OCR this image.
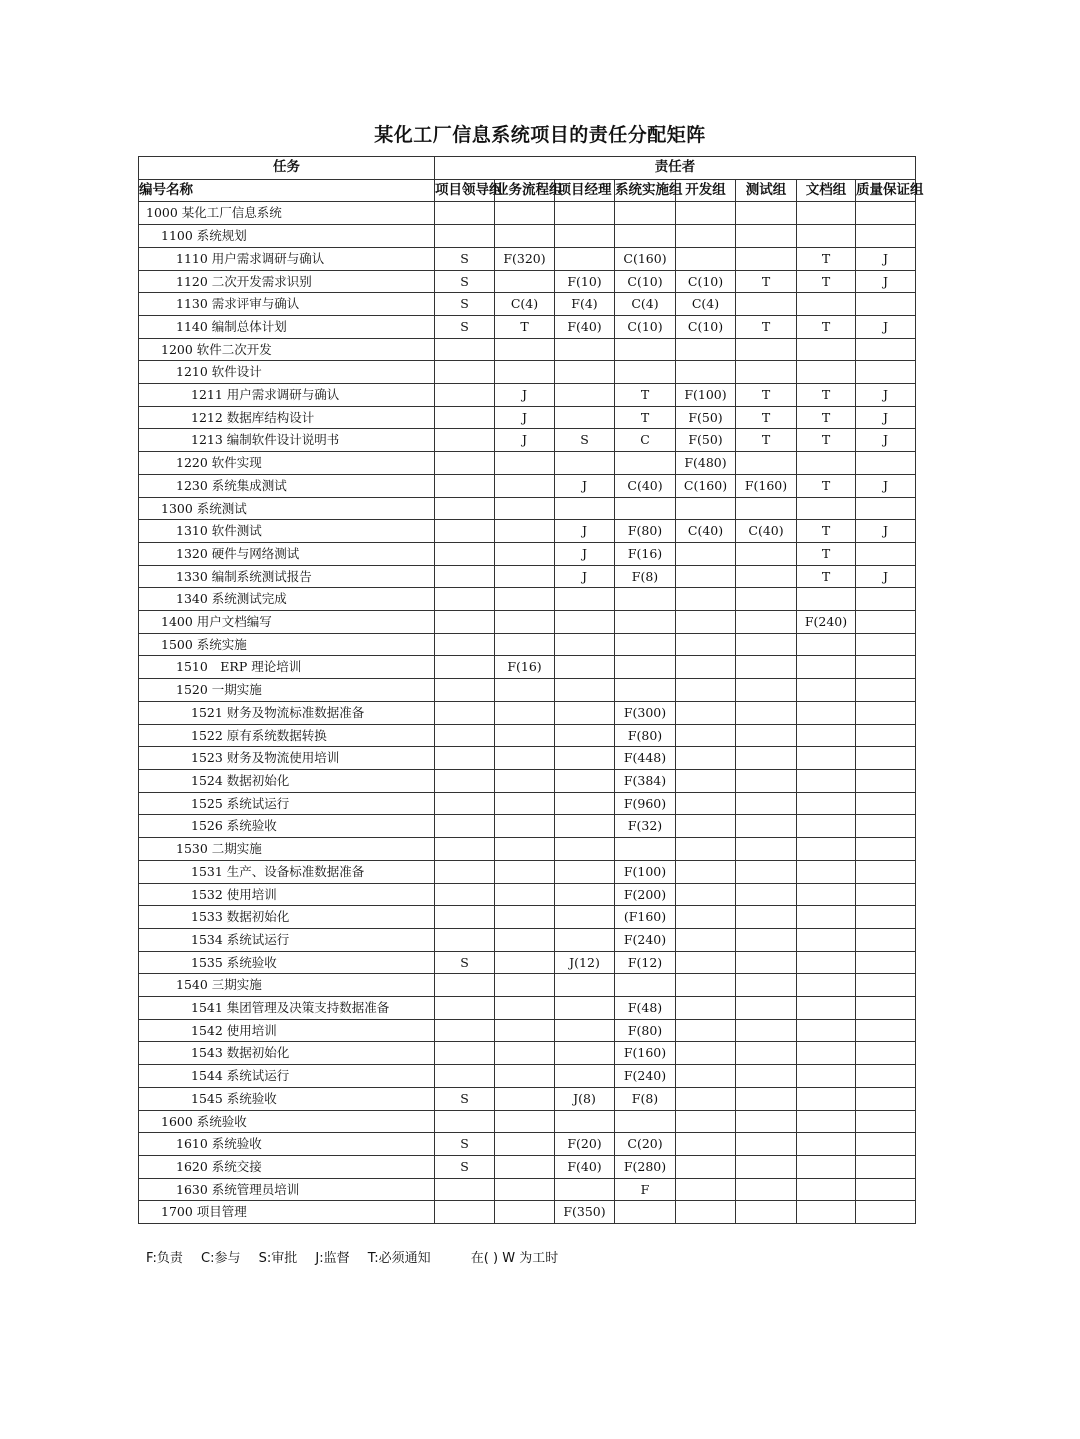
某化工厂信息系统项目的责任分配矩阵
任务	责任者							
编号名称	项目领导组	业务流程组	项目经理	系统实施组	开发组	测试组	文档组	质量保证组
1000 某化工厂信息系统								
1100 系统规划								
1110 用户需求调研与确认	S	F(320)		C(160)			T	J
1120 二次开发需求识别	S		F(10)	C(10)	C(10)	T	T	J
1130 需求评审与确认	S	C(4)	F(4)	C(4)	C(4)			
1140 编制总体计划	S	T	F(40)	C(10)	C(10)	T	T	J
1200 软件二次开发								
1210 软件设计								
1211 用户需求调研与确认		J		T	F(100)	T	T	J
1212 数据库结构设计		J		T	F(50)	T	T	J
1213 编制软件设计说明书		J	S	C	F(50)	T	T	J
1220 软件实现					F(480)			
1230 系统集成测试			J	C(40)	C(160)	F(160)	T	J
1300 系统测试								
1310 软件测试			J	F(80)	C(40)	C(40)	T	J
1320 硬件与网络测试			J	F(16)			T	
1330 编制系统测试报告			J	F(8)			T	J
1340 系统测试完成								
1400 用户文档编写							F(240)	
1500 系统实施								
1510　ERP 理论培训		F(16)						
1520 一期实施								
1521 财务及物流标准数据准备				F(300)				
1522 原有系统数据转换				F(80)				
1523 财务及物流使用培训				F(448)				
1524 数据初始化				F(384)				
1525 系统试运行				F(960)				
1526 系统验收				F(32)				
1530 二期实施								
1531 生产、设备标准数据准备				F(100)				
1532 使用培训				F(200)				
1533 数据初始化				(F160)				
1534 系统试运行				F(240)				
1535 系统验收	S		J(12)	F(12)				
1540 三期实施								
1541 集团管理及决策支持数据准备				F(48)				
1542 使用培训				F(80)				
1543 数据初始化				F(160)				
1544 系统试运行				F(240)				
1545 系统验收	S		J(8)	F(8)				
1600 系统验收								
1610 系统验收	S		F(20)	C(20)				
1620 系统交接	S		F(40)	F(280)				
1630 系统管理员培训				F				
1700 项目管理			F(350)					
F:负责 C:参与 S:审批 J:监督 T:必须通知	在( ) W 为工时
